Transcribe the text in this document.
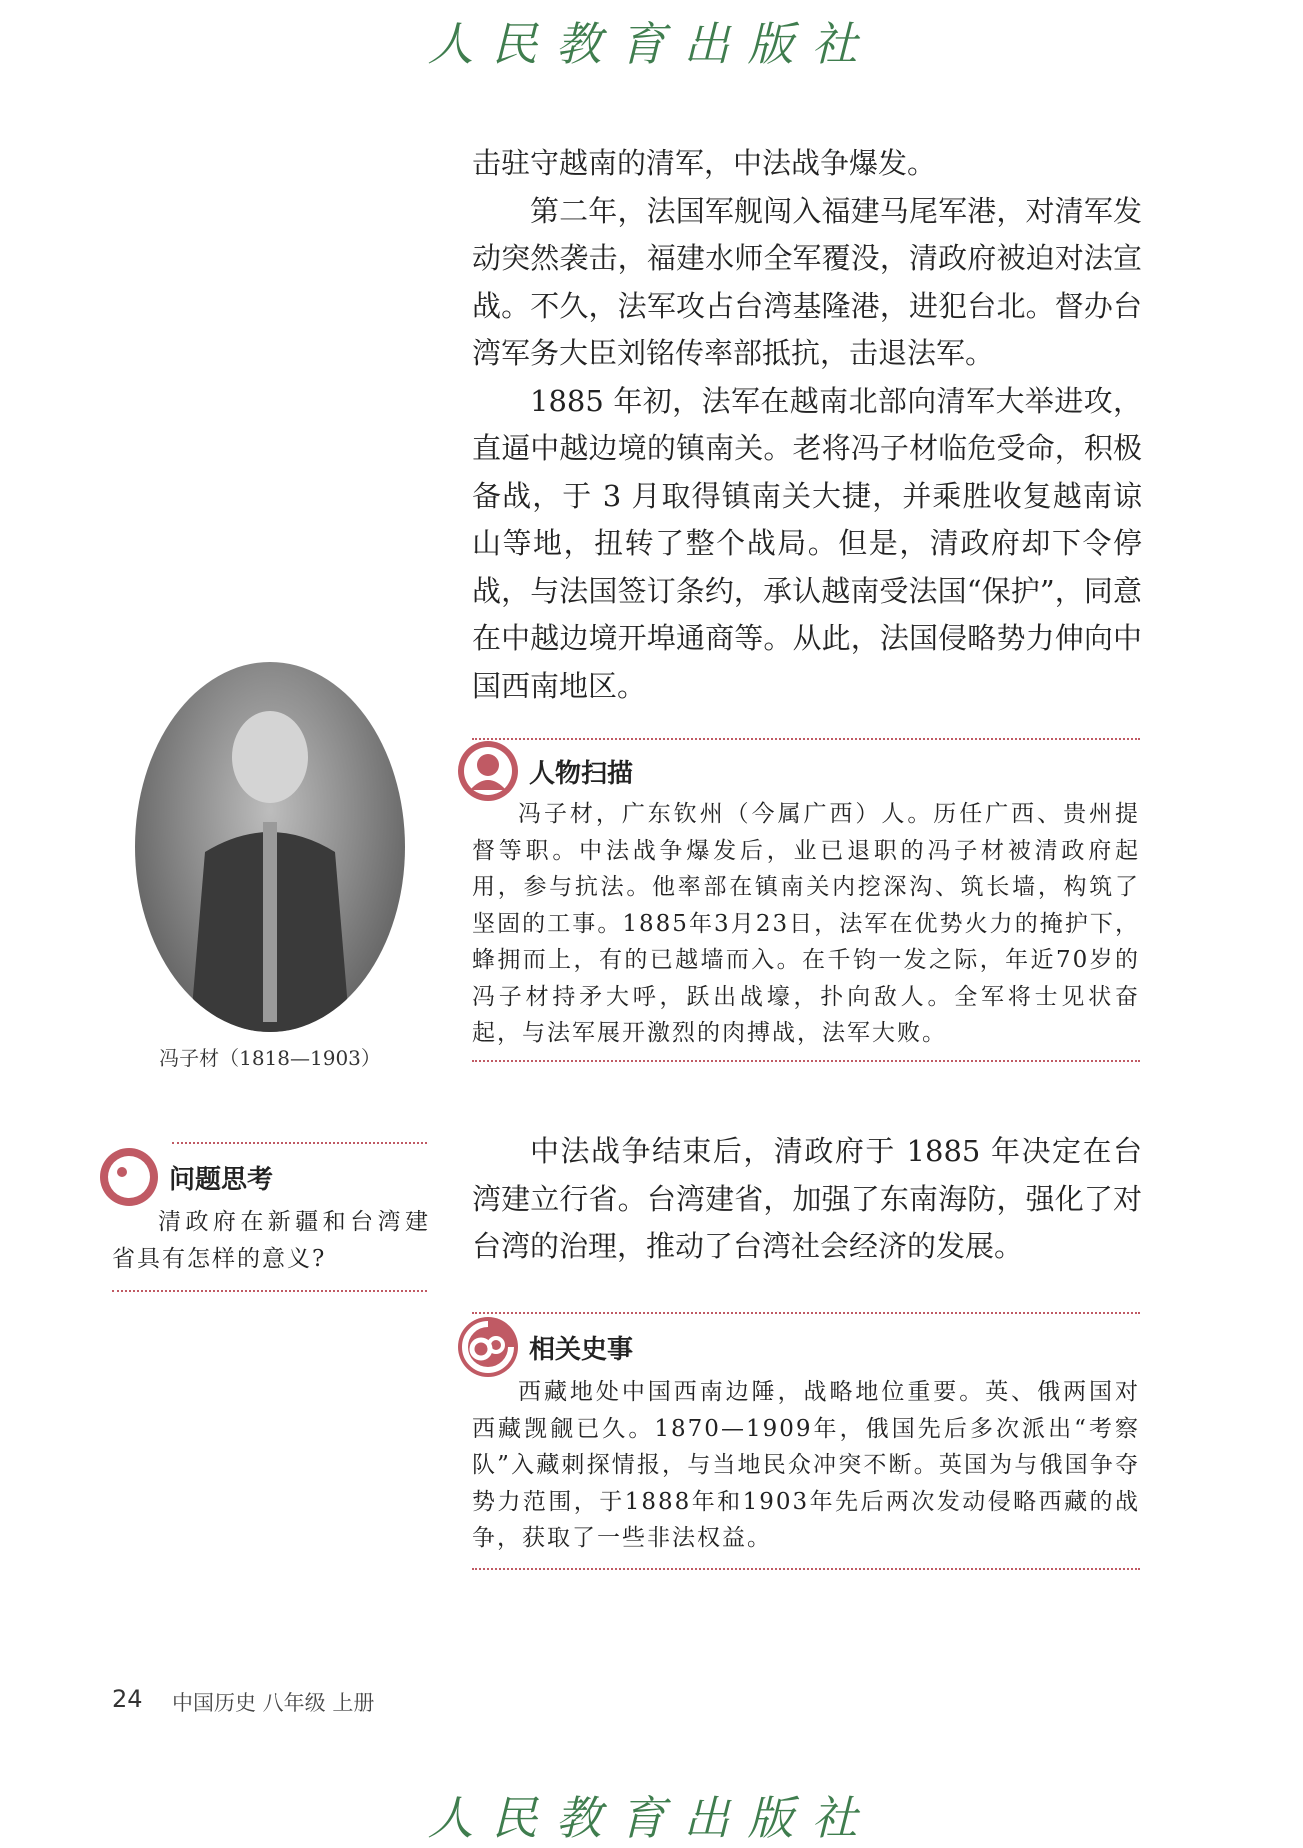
人民教育出版社

击驻守越南的清军，中法战争爆发。

第二年，法国军舰闯入福建马尾军港，对清军发动突然袭击，福建水师全军覆没，清政府被迫对法宣战。不久，法军攻占台湾基隆港，进犯台北。督办台湾军务大臣刘铭传率部抵抗，击退法军。

1885 年初，法军在越南北部向清军大举进攻，直逼中越边境的镇南关。老将冯子材临危受命，积极备战，于 3 月取得镇南关大捷，并乘胜收复越南谅山等地，扭转了整个战局。但是，清政府却下令停战，与法国签订条约，承认越南受法国“保护”，同意在中越边境开埠通商等。从此，法国侵略势力伸向中国西南地区。

人物扫描
冯子材，广东钦州（今属广西）人。历任广西、贵州提督等职。中法战争爆发后，业已退职的冯子材被清政府起用，参与抗法。他率部在镇南关内挖深沟、筑长墙，构筑了坚固的工事。1885年3月23日，法军在优势火力的掩护下，蜂拥而上，有的已越墙而入。在千钧一发之际，年近70岁的冯子材持矛大呼，跃出战壕，扑向敌人。全军将士见状奋起，与法军展开激烈的肉搏战，法军大败。
冯子材（1818—1903）
问题思考
清政府在新疆和台湾建省具有怎样的意义?

中法战争结束后，清政府于 1885 年决定在台湾建立行省。台湾建省，加强了东南海防，强化了对台湾的治理，推动了台湾社会经济的发展。

相关史事
西藏地处中国西南边陲，战略地位重要。英、俄两国对西藏觊觎已久。1870—1909年，俄国先后多次派出“考察队”入藏刺探情报，与当地民众冲突不断。英国为与俄国争夺势力范围，于1888年和1903年先后两次发动侵略西藏的战争，获取了一些非法权益。
24 中国历史 八年级 上册
人民教育出版社
